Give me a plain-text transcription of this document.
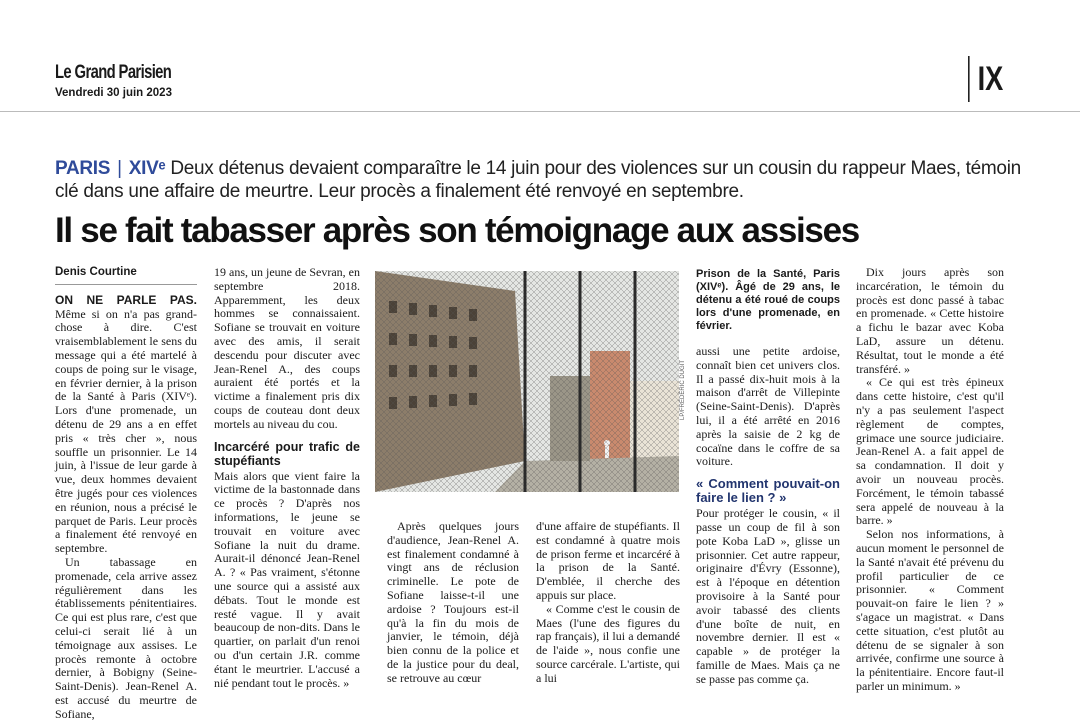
Le Grand Parisien
Vendredi 30 juin 2023	IX
PARIS | XIVᵉ Deux détenus devaient comparaître le 14 juin pour des violences sur un cousin du rappeur Maes, témoin clé dans une affaire de meurtre. Leur procès a finalement été renvoyé en septembre.
Il se fait tabasser après son témoignage aux assises
Denis Courtine

ON NE PARLE PAS. Même si on n'a pas grand-chose à dire. C'est vraisemblablement le sens du message qui a été martelé à coups de poing sur le visage, en février dernier, à la prison de la Santé à Paris (XIVᵉ). Lors d'une promenade, un détenu de 29 ans a en effet pris « très cher », nous souffle un prisonnier. Le 14 juin, à l'issue de leur garde à vue, deux hommes devaient être jugés pour ces violences en réunion, nous a précisé le parquet de Paris. Leur procès a finalement été renvoyé en septembre.

Un tabassage en promenade, cela arrive assez régulièrement dans les établissements pénitentiaires. Ce qui est plus rare, c'est que celui-ci serait lié à un témoignage aux assises. Le procès remonte à octobre dernier, à Bobigny (Seine-Saint-Denis). Jean-Renel A. est accusé du meurtre de Sofiane,

19 ans, un jeune de Sevran, en septembre 2018. Apparemment, les deux hommes se connaissaient. Sofiane se trouvait en voiture avec des amis, il serait descendu pour discuter avec Jean-Renel A., des coups auraient été portés et la victime a finalement pris dix coups de couteau dont deux mortels au niveau du cou.

Incarcéré pour trafic de stupéfiants

Mais alors que vient faire la victime de la bastonnade dans ce procès ? D'après nos informations, le jeune se trouvait en voiture avec Sofiane la nuit du drame. Aurait-il dénoncé Jean-Renel A. ? « Pas vraiment, s'étonne une source qui a assisté aux débats. Tout le monde est resté vague. Il y avait beaucoup de non-dits. Dans le quartier, on parlait d'un renoi ou d'un certain J.R. comme étant le meurtrier. L'accusé a nié pendant tout le procès. »

LP/FRÉDÉRIC DUGIT

Après quelques jours d'audience, Jean-Renel A. est finalement condamné à vingt ans de réclusion criminelle. Le pote de Sofiane laisse-t-il une ardoise ? Toujours est-il qu'à la fin du mois de janvier, le témoin, déjà bien connu de la police et de la justice pour du deal, se retrouve au cœur

d'une affaire de stupéfiants. Il est condamné à quatre mois de prison ferme et incarcéré à la prison de la Santé. D'emblée, il cherche des appuis sur place.

« Comme c'est le cousin de Maes (l'une des figures du rap français), il lui a demandé de l'aide », nous confie une source carcérale. L'artiste, qui a lui

Prison de la Santé, Paris (XIVᵉ). Âgé de 29 ans, le détenu a été roué de coups lors d'une promenade, en février.

aussi une petite ardoise, connaît bien cet univers clos. Il a passé dix-huit mois à la maison d'arrêt de Villepinte (Seine-Saint-Denis). D'après lui, il a été arrêté en 2016 après la saisie de 2 kg de cocaïne dans le coffre de sa voiture.

« Comment pouvait-on faire le lien ? »

Pour protéger le cousin, « il passe un coup de fil à son pote Koba LaD », glisse un prisonnier. Cet autre rappeur, originaire d'Évry (Essonne), est à l'époque en détention provisoire à la Santé pour avoir tabassé des clients d'une boîte de nuit, en novembre dernier. Il est « capable » de protéger la famille de Maes. Mais ça ne se passe pas comme ça.

Dix jours après son incarcération, le témoin du procès est donc passé à tabac en promenade. « Cette histoire a fichu le bazar avec Koba LaD, assure un détenu. Résultat, tout le monde a été transféré. »

« Ce qui est très épineux dans cette histoire, c'est qu'il n'y a pas seulement l'aspect règlement de comptes, grimace une source judiciaire. Jean-Renel A. a fait appel de sa condamnation. Il doit y avoir un nouveau procès. Forcément, le témoin tabassé sera appelé de nouveau à la barre. »

Selon nos informations, à aucun moment le personnel de la Santé n'avait été prévenu du profil particulier de ce prisonnier. « Comment pouvait-on faire le lien ? » s'agace un magistrat. « Dans cette situation, c'est plutôt au détenu de se signaler à son arrivée, confirme une source à la pénitentiaire. Encore faut-il parler un minimum. »
